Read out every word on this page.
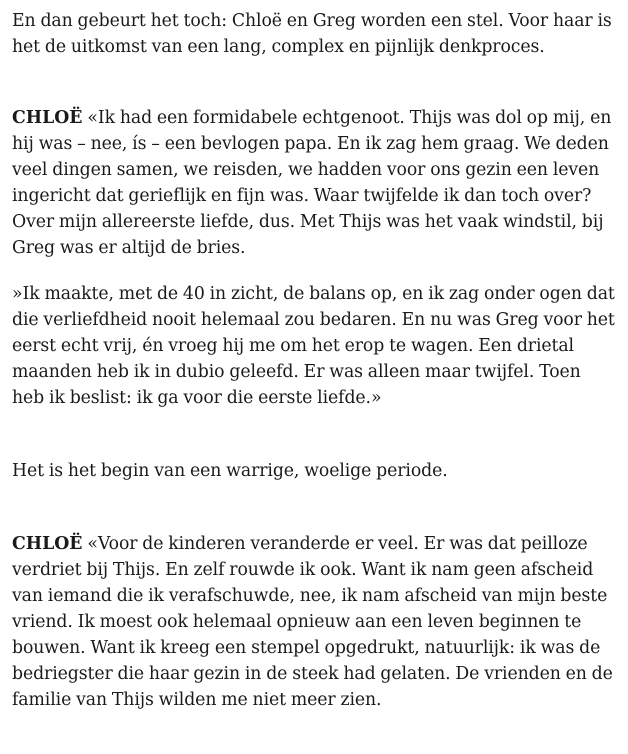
En dan gebeurt het toch: Chloë en Greg worden een stel. Voor haar is het de uitkomst van een lang, complex en pijnlijk denkproces.

CHLOË «Ik had een formidabele echtgenoot. Thijs was dol op mij, en hij was – nee, ís – een bevlogen papa. En ik zag hem graag. We deden veel dingen samen, we reisden, we hadden voor ons gezin een leven ingericht dat gerieflijk en fijn was. Waar twijfelde ik dan toch over? Over mijn allereerste liefde, dus. Met Thijs was het vaak windstil, bij Greg was er altijd de bries.

»Ik maakte, met de 40 in zicht, de balans op, en ik zag onder ogen dat die verliefdheid nooit helemaal zou bedaren. En nu was Greg voor het eerst echt vrij, én vroeg hij me om het erop te wagen. Een drietal maanden heb ik in dubio geleefd. Er was alleen maar twijfel. Toen heb ik beslist: ik ga voor die eerste liefde.»

Het is het begin van een warrige, woelige periode.

CHLOË «Voor de kinderen veranderde er veel. Er was dat peilloze verdriet bij Thijs. En zelf rouwde ik ook. Want ik nam geen afscheid van iemand die ik verafschuwde, nee, ik nam afscheid van mijn beste vriend. Ik moest ook helemaal opnieuw aan een leven beginnen te bouwen. Want ik kreeg een stempel opgedrukt, natuurlijk: ik was de bedriegster die haar gezin in de steek had gelaten. De vrienden en de familie van Thijs wilden me niet meer zien.
